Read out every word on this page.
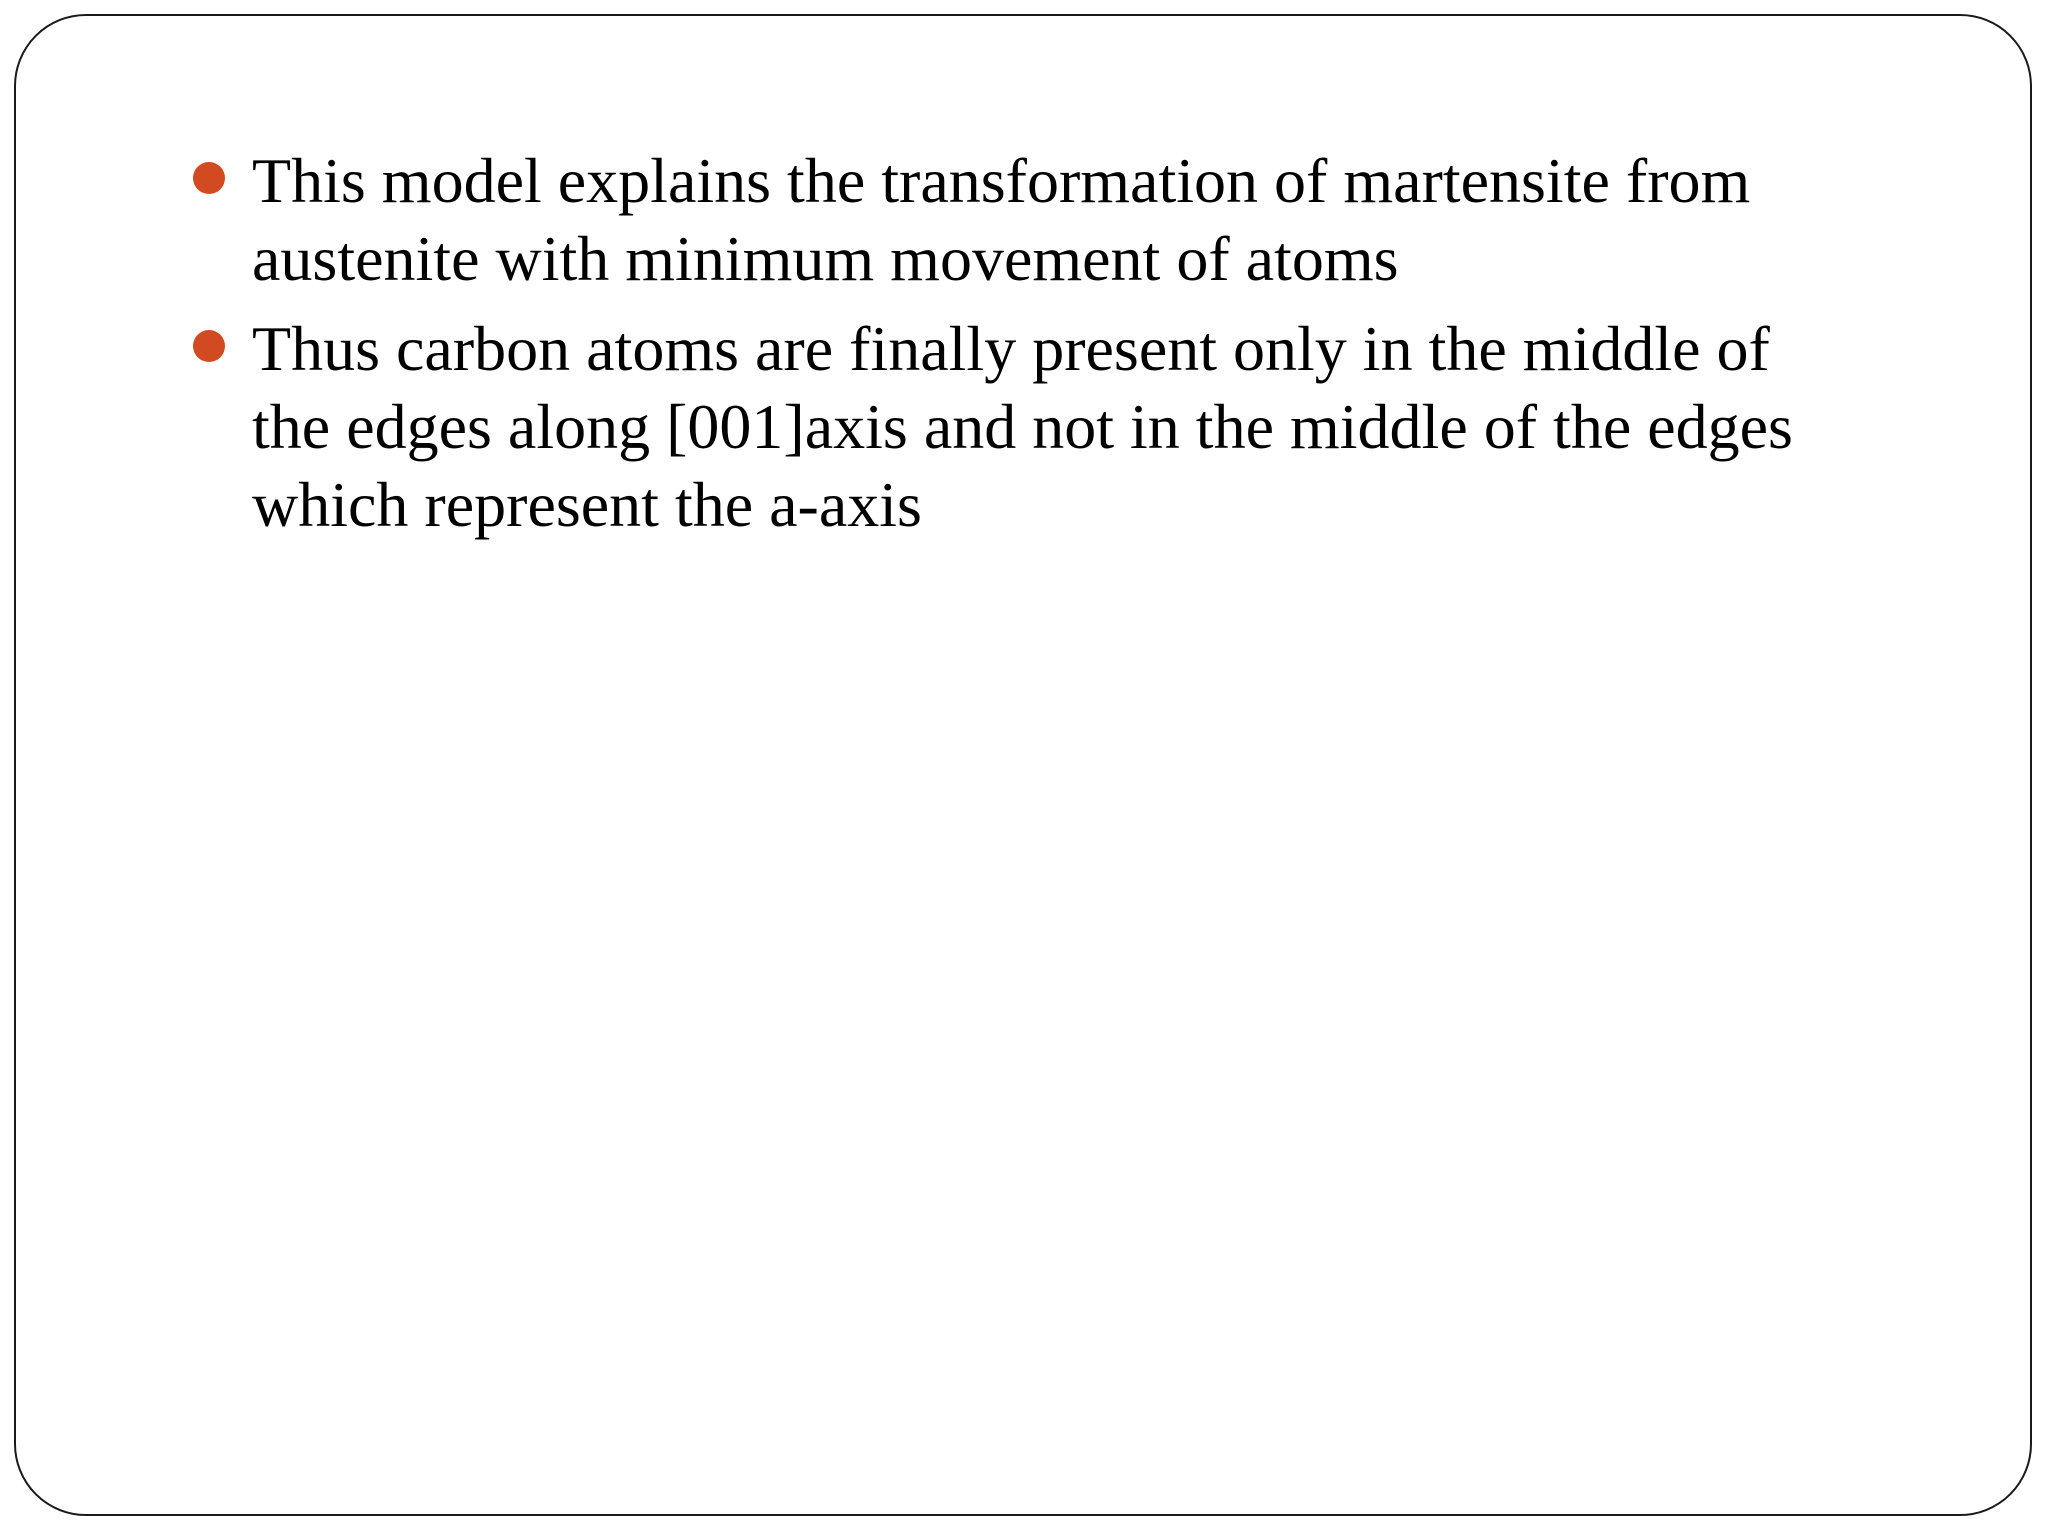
This model explains the transformation of martensite from austenite with minimum movement of atoms
Thus carbon atoms are finally present only in the middle of the edges along [001]axis and not in the middle of the edges which represent the a-axis
